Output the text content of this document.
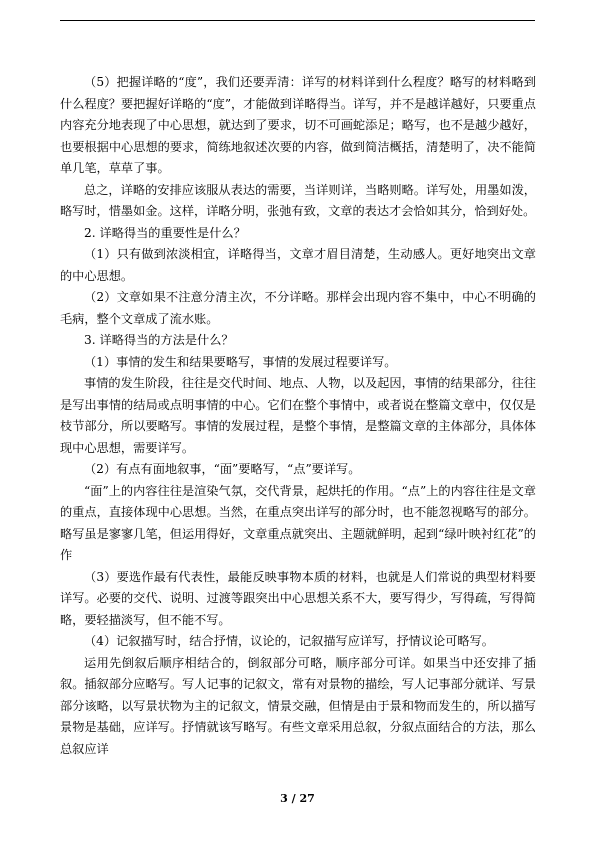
（5）把握详略的“度”，我们还要弄清：详写的材料详到什么程度？略写的材料略到什么程度？要把握好详略的“度”，才能做到详略得当。详写，并不是越详越好，只要重点内容充分地表现了中心思想，就达到了要求，切不可画蛇添足；略写，也不是越少越好，也要根据中心思想的要求，简练地叙述次要的内容，做到简洁概括，清楚明了，决不能简单几笔，草草了事。

总之，详略的安排应该服从表达的需要，当详则详，当略则略。详写处，用墨如泼，略写时，惜墨如金。这样，详略分明，张弛有致，文章的表达才会恰如其分，恰到好处。

2. 详略得当的重要性是什么？

（1）只有做到浓淡相宜，详略得当，文章才眉目清楚，生动感人。更好地突出文章的中心思想。

（2）文章如果不注意分清主次，不分详略。那样会出现内容不集中，中心不明确的毛病，整个文章成了流水账。

3. 详略得当的方法是什么？

（1）事情的发生和结果要略写，事情的发展过程要详写。

事情的发生阶段，往往是交代时间、地点、人物，以及起因，事情的结果部分，往往是写出事情的结局或点明事情的中心。它们在整个事情中，或者说在整篇文章中，仅仅是枝节部分，所以要略写。事情的发展过程，是整个事情，是整篇文章的主体部分，具体体现中心思想，需要详写。

（2）有点有面地叙事，“面”要略写，“点”要详写。

“面”上的内容往往是渲染气氛，交代背景，起烘托的作用。“点”上的内容往往是文章的重点，直接体现中心思想。当然，在重点突出详写的部分时，也不能忽视略写的部分。略写虽是寥寥几笔，但运用得好，文章重点就突出、主题就鲜明，起到“绿叶映衬红花”的作

（3）要选作最有代表性，最能反映事物本质的材料，也就是人们常说的典型材料要详写。必要的交代、说明、过渡等跟突出中心思想关系不大，要写得少，写得疏，写得简略，要轻描淡写，但不能不写。

（4）记叙描写时，结合抒情，议论的，记叙描写应详写，抒情议论可略写。

运用先倒叙后顺序相结合的，倒叙部分可略，顺序部分可详。如果当中还安排了插叙。插叙部分应略写。写人记事的记叙文，常有对景物的描绘，写人记事部分就详、写景部分该略，以写景状物为主的记叙文，情景交融，但情是由于景和物而发生的，所以描写景物是基础，应详写。抒情就该写略写。有些文章采用总叙，分叙点面结合的方法，那么总叙应详

3 / 27
